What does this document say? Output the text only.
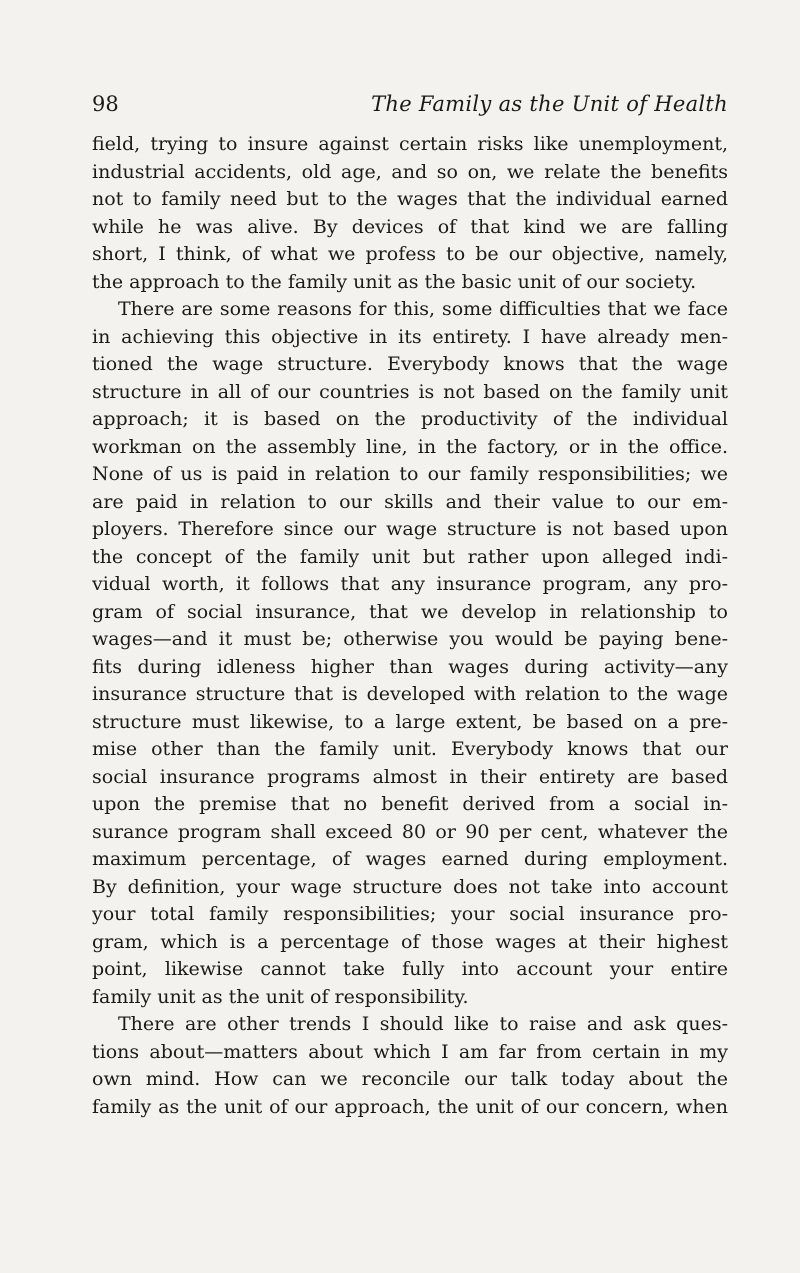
98	The Family as the Unit of Health
field, trying to insure against certain risks like unemployment,
industrial accidents, old age, and so on, we relate the benefits
not to family need but to the wages that the individual earned
while he was alive. By devices of that kind we are falling
short, I think, of what we profess to be our objective, namely,
the approach to the family unit as the basic unit of our society.
There are some reasons for this, some difficulties that we face
in achieving this objective in its entirety. I have already men-
tioned the wage structure. Everybody knows that the wage
structure in all of our countries is not based on the family unit
approach; it is based on the productivity of the individual
workman on the assembly line, in the factory, or in the office.
None of us is paid in relation to our family responsibilities; we
are paid in relation to our skills and their value to our em-
ployers. Therefore since our wage structure is not based upon
the concept of the family unit but rather upon alleged indi-
vidual worth, it follows that any insurance program, any pro-
gram of social insurance, that we develop in relationship to
wages—and it must be; otherwise you would be paying bene-
fits during idleness higher than wages during activity—any
insurance structure that is developed with relation to the wage
structure must likewise, to a large extent, be based on a pre-
mise other than the family unit. Everybody knows that our
social insurance programs almost in their entirety are based
upon the premise that no benefit derived from a social in-
surance program shall exceed 80 or 90 per cent, whatever the
maximum percentage, of wages earned during employment.
By definition, your wage structure does not take into account
your total family responsibilities; your social insurance pro-
gram, which is a percentage of those wages at their highest
point, likewise cannot take fully into account your entire
family unit as the unit of responsibility.
There are other trends I should like to raise and ask ques-
tions about—matters about which I am far from certain in my
own mind. How can we reconcile our talk today about the
family as the unit of our approach, the unit of our concern, when
